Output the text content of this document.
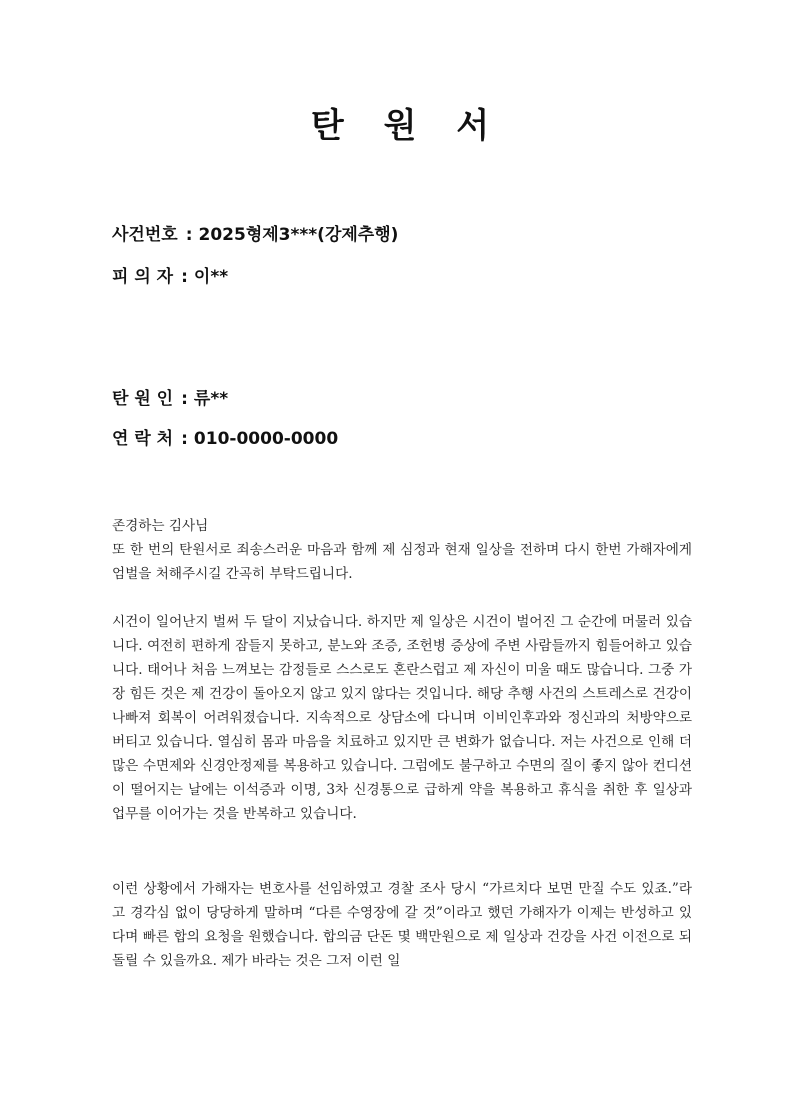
탄 원 서
사건번호 : 2025형제3***(강제추행)
피 의 자 : 이**
탄 원 인 : 류**
연 락 처 : 010-0000-0000
존경하는 김사님

또 한 번의 탄원서로 죄송스러운 마음과 함께 제 심정과 현재 일상을 전하며 다시 한번 가해자에게 엄벌을 처해주시길 간곡히 부탁드립니다.

시건이 일어난지 벌써 두 달이 지났습니다. 하지만 제 일상은 시건이 벌어진 그 순간에 머물러 있습니다. 여전히 편하게 잠들지 못하고, 분노와 조증, 조헌병 증상에 주변 사람들까지 힘들어하고 있습니다. 태어나 처음 느껴보는 감정들로 스스로도 혼란스럽고 제 자신이 미울 때도 많습니다. 그중 가장 힘든 것은 제 건강이 돌아오지 않고 있지 않다는 것입니다. 해당 추행 사건의 스트레스로 건강이 나빠져 회복이 어려워졌습니다. 지속적으로 상담소에 다니며 이비인후과와 정신과의 처방약으로 버티고 있습니다. 열심히 몸과 마음을 치료하고 있지만 큰 변화가 없습니다. 저는 사건으로 인해 더 많은 수면제와 신경안정제를 복용하고 있습니다. 그럼에도 불구하고 수면의 질이 좋지 않아 컨디션이 떨어지는 날에는 이석증과 이명, 3차 신경통으로 급하게 약을 복용하고 휴식을 취한 후 일상과 업무를 이어가는 것을 반복하고 있습니다.

이런 상황에서 가해자는 변호사를 선임하였고 경찰 조사 당시 “가르치다 보면 만질 수도 있죠.”라고 경각심 없이 당당하게 말하며 “다른 수영장에 갈 것”이라고 했던 가해자가 이제는 반성하고 있다며 빠른 합의 요청을 원했습니다. 합의금 단돈 몇 백만원으로 제 일상과 건강을 사건 이전으로 되돌릴 수 있을까요. 제가 바라는 것은 그저 이런 일
